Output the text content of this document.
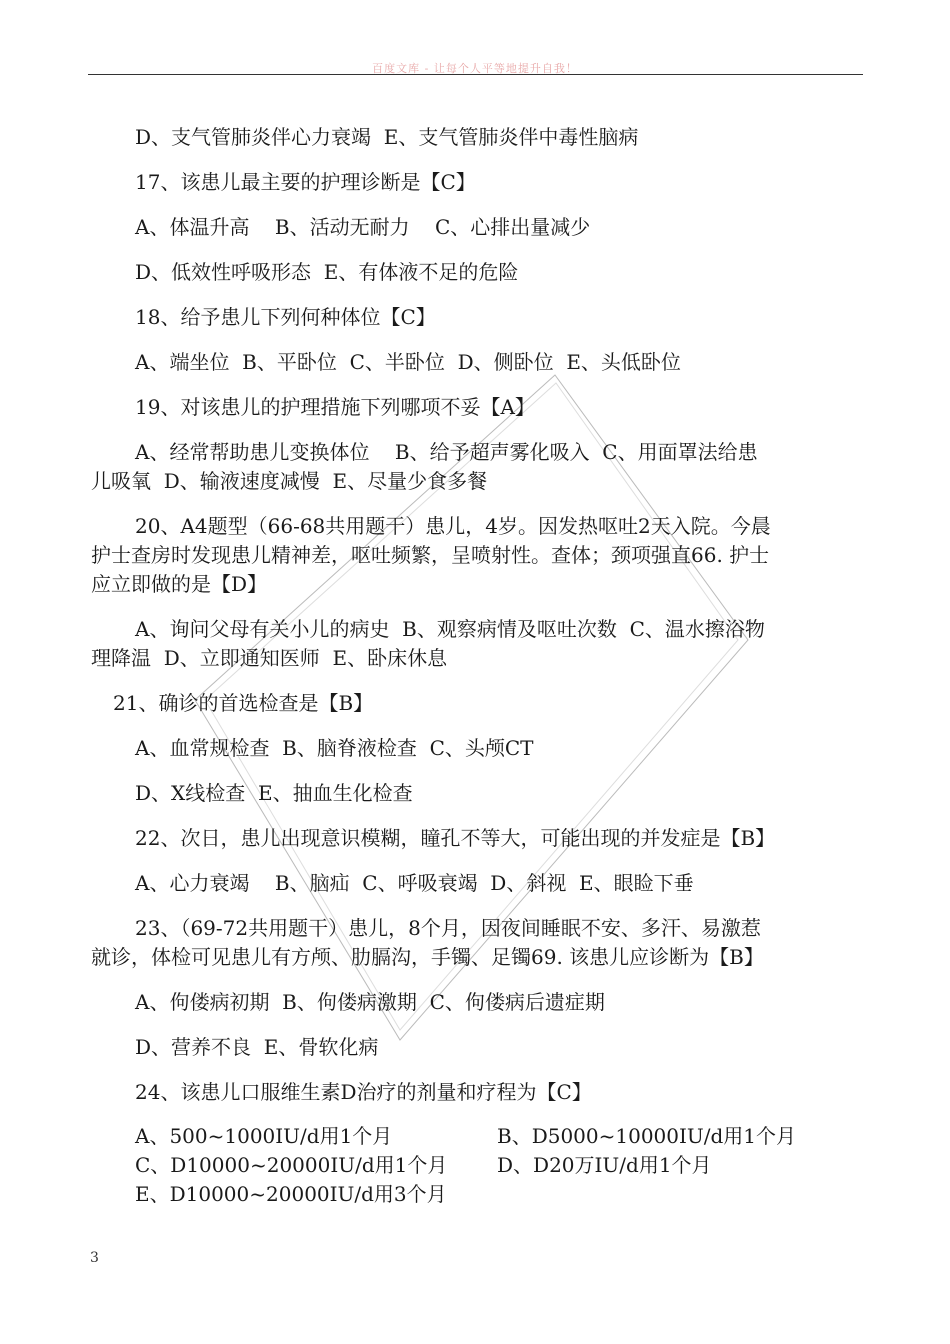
百度文库 - 让每个人平等地提升自我！
D、支气管肺炎伴心力衰竭  E、支气管肺炎伴中毒性脑病
17、该患儿最主要的护理诊断是【C】
A、体温升高    B、活动无耐力    C、心排出量减少
D、低效性呼吸形态  E、有体液不足的危险
18、给予患儿下列何种体位【C】
A、端坐位  B、平卧位  C、半卧位  D、侧卧位  E、头低卧位
19、对该患儿的护理措施下列哪项不妥【A】
A、经常帮助患儿变换体位    B、给予超声雾化吸入  C、用面罩法给患
儿吸氧  D、输液速度减慢  E、尽量少食多餐
20、A4题型（66-68共用题干）患儿，4岁。因发热呕吐2天入院。今晨
护士查房时发现患儿精神差，呕吐频繁，呈喷射性。查体；颈项强直66. 护士
应立即做的是【D】
A、询问父母有关小儿的病史  B、观察病情及呕吐次数  C、温水擦浴物
理降温  D、立即通知医师  E、卧床休息
21、确诊的首选检查是【B】
A、血常规检查  B、脑脊液检查  C、头颅CT
D、X线检查  E、抽血生化检查
22、次日，患儿出现意识模糊，瞳孔不等大，可能出现的并发症是【B】
A、心力衰竭    B、脑疝  C、呼吸衰竭  D、斜视  E、眼睑下垂
23、（69-72共用题干）患儿，8个月，因夜间睡眠不安、多汗、易激惹
就诊，体检可见患儿有方颅、肋膈沟，手镯、足镯69. 该患儿应诊断为【B】
A、佝偻病初期  B、佝偻病激期  C、佝偻病后遗症期
D、营养不良  E、骨软化病
24、该患儿口服维生素D治疗的剂量和疗程为【C】
A、500~1000IU/d用1个月	B、D5000~10000IU/d用1个月
C、D10000~20000IU/d用1个月 D、D20万IU/d用1个月
E、D10000~20000IU/d用3个月
3
